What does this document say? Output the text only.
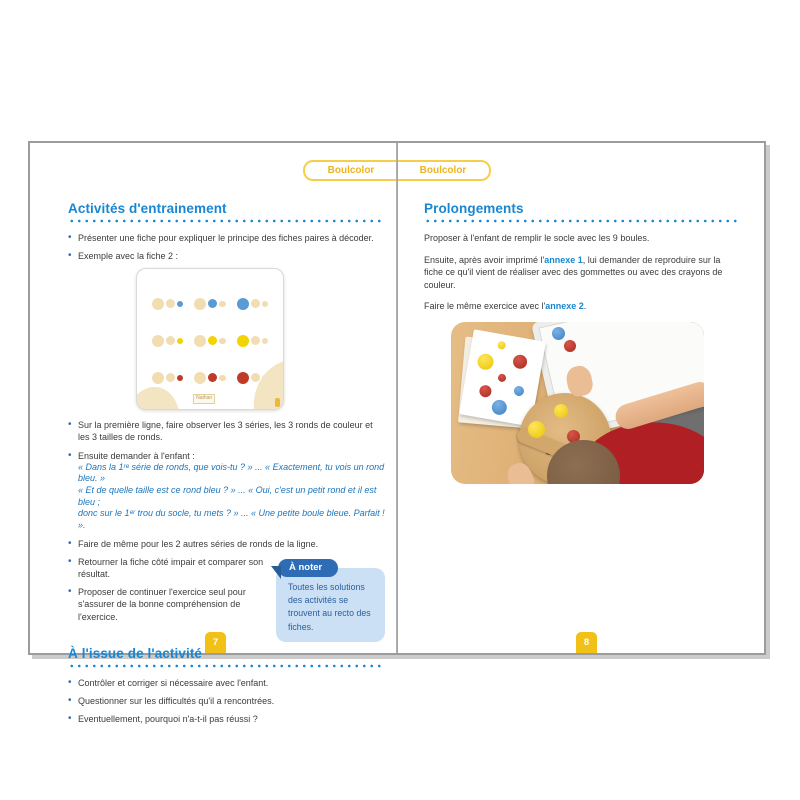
Boulcolor	Boulcolor
Activités d'entrainement
• Présenter une fiche pour expliquer le principe des fiches paires à décoder.
• Exemple avec la fiche 2 :
Nathan
• Sur la première ligne, faire observer les 3 séries, les 3 ronds de couleur et les 3 tailles de ronds.
• Ensuite demander à l'enfant :
« Dans la 1ʳᵉ série de ronds, que vois-tu ? » ... « Exactement, tu vois un rond bleu. »
« Et de quelle taille est ce rond bleu ? » ... « Oui, c'est un petit rond et il est bleu ;
donc sur le 1ᵉʳ trou du socle, tu mets ? » ... « Une petite boule bleue. Parfait ! ».
• Faire de même pour les 2 autres séries de ronds de la ligne.
• Retourner la fiche côté impair et comparer son résultat.
• Proposer de continuer l'exercice seul pour s'assurer de la bonne compréhension de l'exercice.
À noter
Toutes les solutions des activités se trouvent au recto des fiches.
À l'issue de l'activité
• Contrôler et corriger si nécessaire avec l'enfant.
• Questionner sur les difficultés qu'il a rencontrées.
• Eventuellement, pourquoi n'a-t-il pas réussi ?
Prolongements

Proposer à l'enfant de remplir le socle avec les 9 boules.

Ensuite, après avoir imprimé l'annexe 1, lui demander de reproduire sur la fiche ce qu'il vient de réaliser avec des gommettes ou avec des crayons de couleur.

Faire le même exercice avec l'annexe 2.

7	8
